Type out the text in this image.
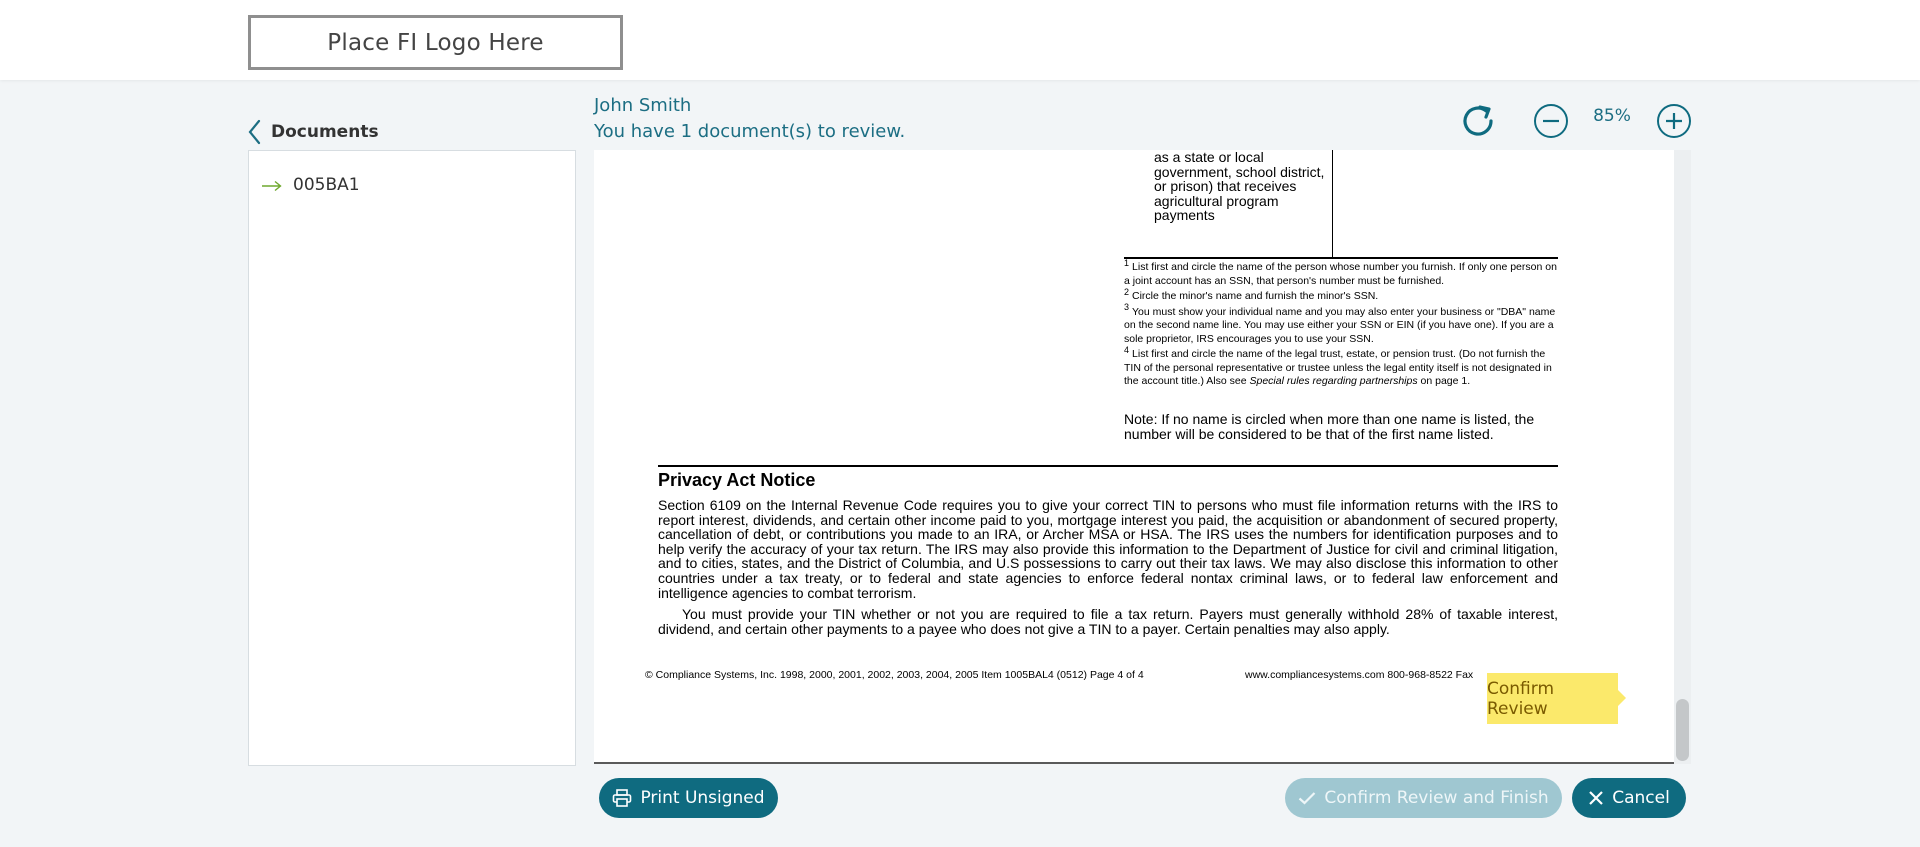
Place FI Logo Here
Documents
005BA1
John Smith
You have 1 document(s) to review.
85%
as a state or local government, school district, or prison) that receives agricultural program payments
$^1$ List first and circle the name of the person whose number you furnish. If only one person on a joint account has an SSN, that person's number must be furnished.
$^2$ Circle the minor's name and furnish the minor's SSN.
$^3$ You must show your individual name and you may also enter your business or "DBA" name on the second name line. You may use either your SSN or EIN (if you have one). If you are a sole proprietor, IRS encourages you to use your SSN.
$^4$ List first and circle the name of the legal trust, estate, or pension trust. (Do not furnish the TIN of the personal representative or trustee unless the legal entity itself is not designated in the account title.) Also see Special rules regarding partnerships on page 1.
Note: If no name is circled when more than one name is listed, the number will be considered to be that of the first name listed.
Privacy Act Notice
Section 6109 on the Internal Revenue Code requires you to give your correct TIN to persons who must file information returns with the IRS to report interest, dividends, and certain other income paid to you, mortgage interest you paid, the acquisition or abandonment of secured property, cancellation of debt, or contributions you made to an IRA, or Archer MSA or HSA. The IRS uses the numbers for identification purposes and to help verify the accuracy of your tax return. The IRS may also provide this information to the Department of Justice for civil and criminal litigation, and to cities, states, and the District of Columbia, and U.S possessions to carry out their tax laws. We may also disclose this information to other countries under a tax treaty, or to federal and state agencies to enforce federal nontax criminal laws, or to federal law enforcement and intelligence agencies to combat terrorism.
You must provide your TIN whether or not you are required to file a tax return. Payers must generally withhold 28% of taxable interest, dividend, and certain other payments to a payee who does not give a TIN to a payer. Certain penalties may also apply.
© Compliance Systems, Inc. 1998, 2000, 2001, 2002, 2003, 2004, 2005 Item 1005BAL4 (0512) Page 4 of 4	www.compliancesystems.com 800-968-8522 Fax
Confirm Review
Print Unsigned	Confirm Review and Finish	Cancel
